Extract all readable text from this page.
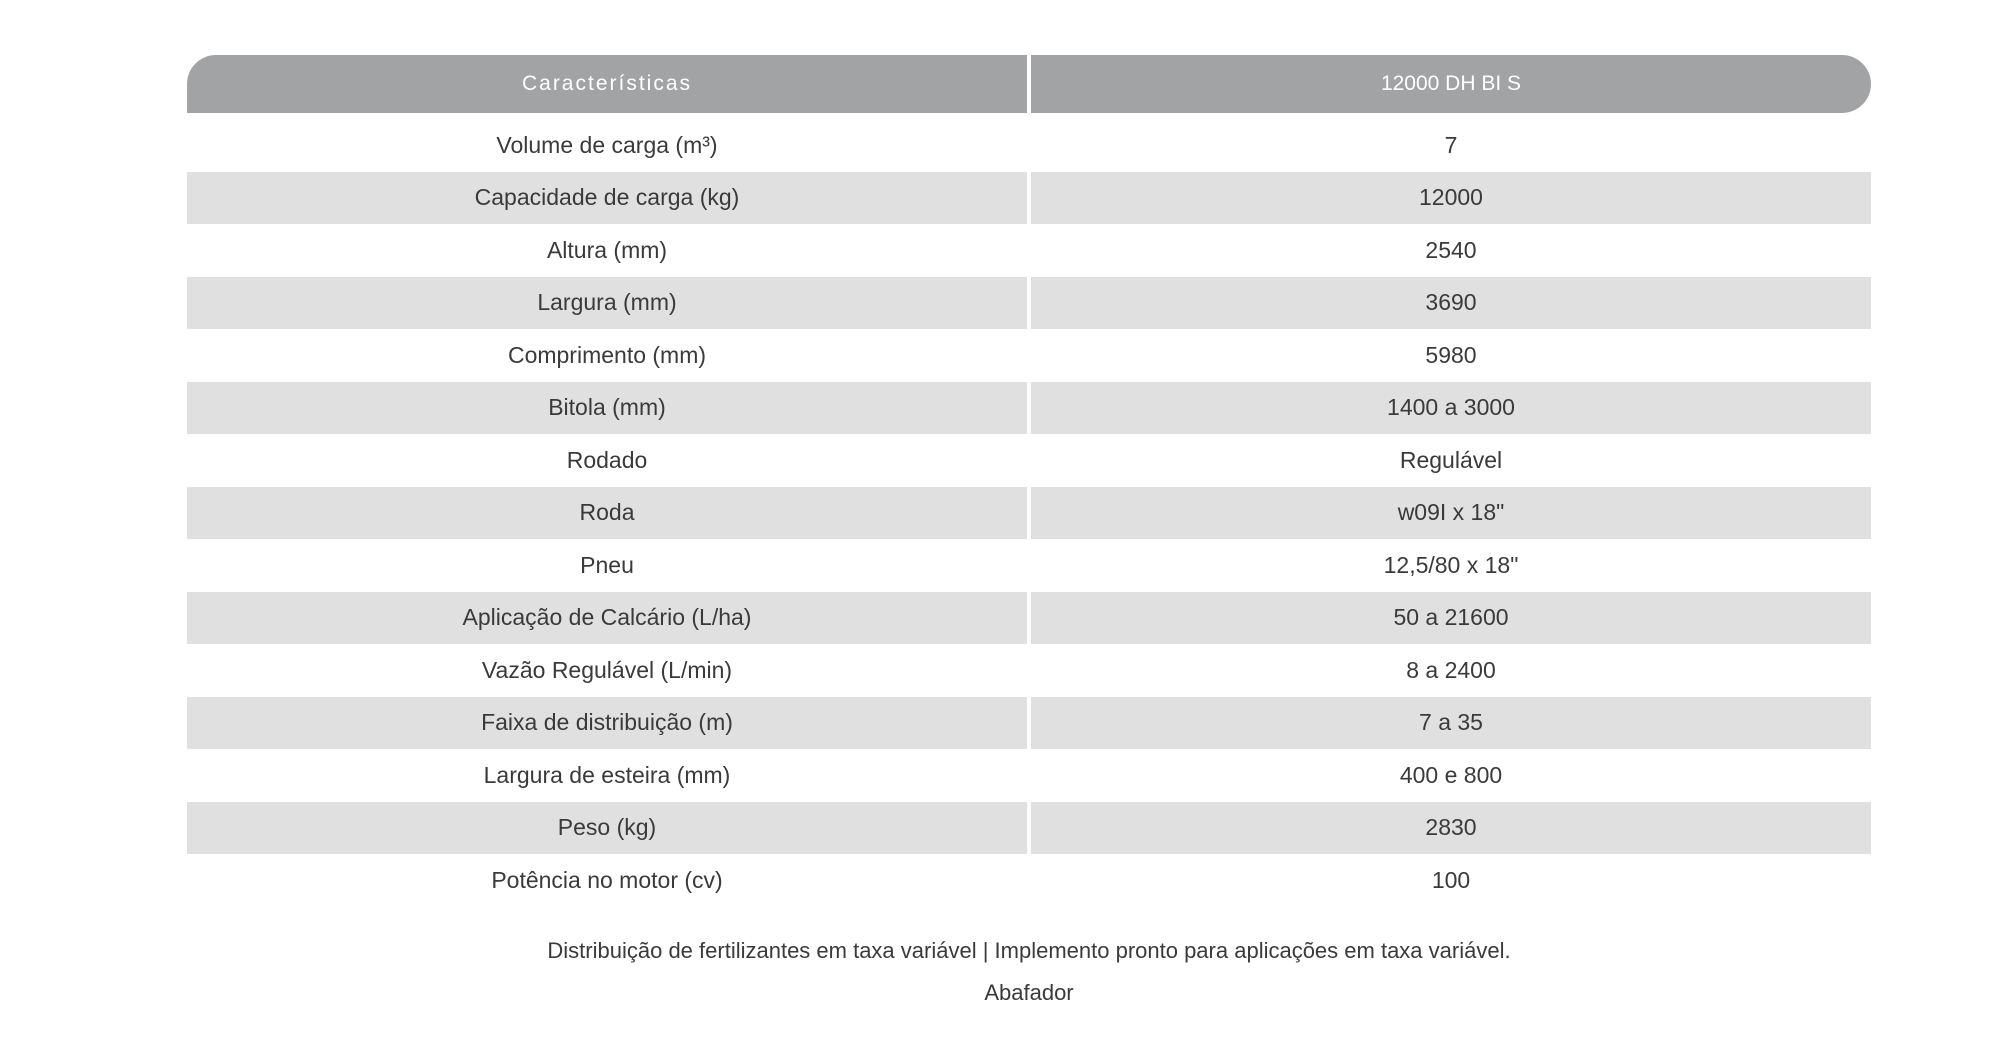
Características	12000 DH BI S
Volume de carga (m³)	7
Capacidade de carga (kg)	12000
Altura (mm)	2540
Largura (mm)	3690
Comprimento (mm)	5980
Bitola (mm)	1400 a 3000
Rodado	Regulável
Roda	w09I x 18"
Pneu	12,5/80 x 18"
Aplicação de Calcário (L/ha)	50 a 21600
Vazão Regulável (L/min)	8 a 2400
Faixa de distribuição (m)	7 a 35
Largura de esteira (mm)	400 e 800
Peso (kg)	2830
Potência no motor (cv)	100
Distribuição de fertilizantes em taxa variável | Implemento pronto para aplicações em taxa variável.
Abafador
